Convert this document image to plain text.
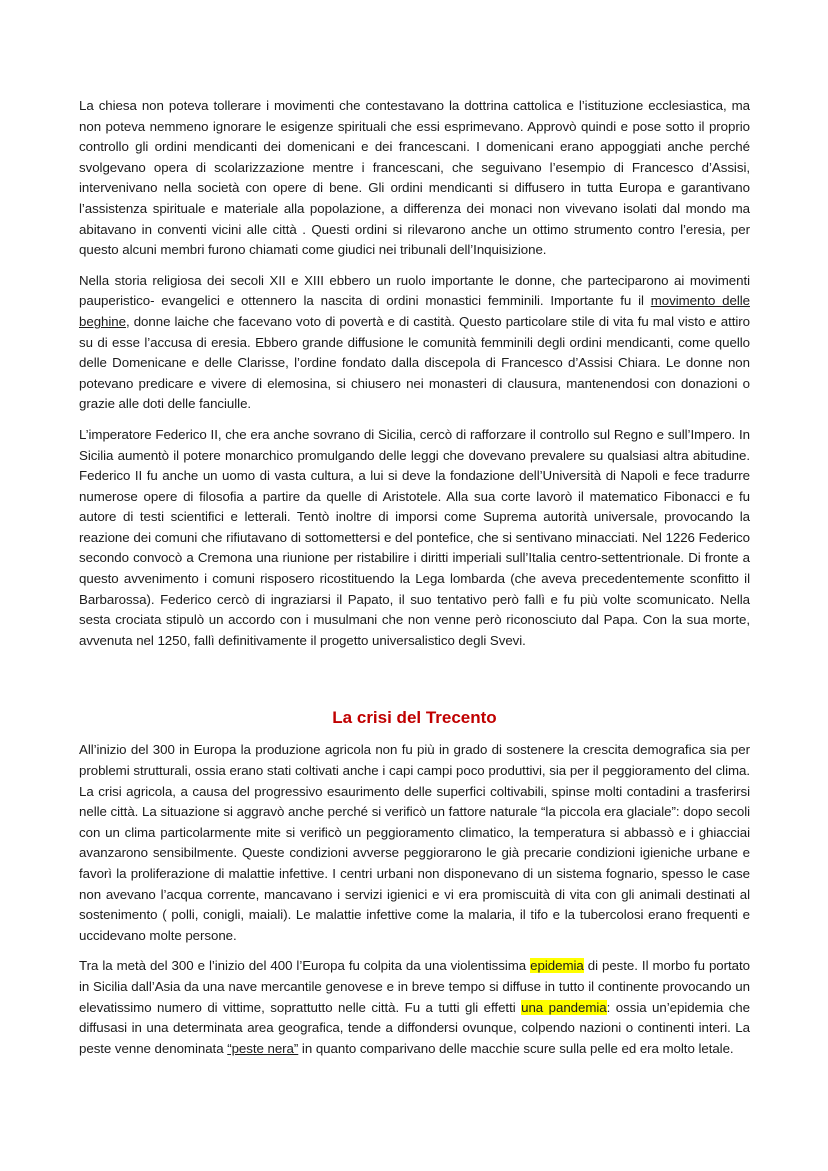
La chiesa non poteva tollerare i movimenti che contestavano la dottrina cattolica e l’istituzione ecclesiastica, ma non poteva nemmeno ignorare le esigenze spirituali che essi esprimevano. Approvò quindi e pose sotto il proprio controllo gli ordini mendicanti dei domenicani e dei francescani. I domenicani erano appoggiati anche perché svolgevano opera di scolarizzazione mentre i francescani, che seguivano l’esempio di Francesco d’Assisi, intervenivano nella società con opere di bene. Gli ordini mendicanti si diffusero in tutta Europa e garantivano l’assistenza spirituale e materiale alla popolazione, a differenza dei monaci non vivevano isolati dal mondo ma abitavano in conventi vicini alle città . Questi ordini si rilevarono anche un ottimo strumento contro l’eresia, per questo alcuni membri furono chiamati come giudici nei tribunali dell’Inquisizione.

Nella storia religiosa dei secoli XII e XIII ebbero un ruolo importante le donne, che parteciparono ai movimenti pauperistico- evangelici e ottennero la nascita di ordini monastici femminili. Importante fu il movimento delle beghine, donne laiche che facevano voto di povertà e di castità. Questo particolare stile di vita fu mal visto e attiro su di esse l’accusa di eresia. Ebbero grande diffusione le comunità femminili degli ordini mendicanti, come quello delle Domenicane e delle Clarisse, l’ordine fondato dalla discepola di Francesco d’Assisi Chiara. Le donne non potevano predicare e vivere di elemosina, si chiusero nei monasteri di clausura, mantenendosi con donazioni o grazie alle doti delle fanciulle.

L’imperatore Federico II, che era anche sovrano di Sicilia, cercò di rafforzare il controllo sul Regno e sull’Impero. In Sicilia aumentò il potere monarchico promulgando delle leggi che dovevano prevalere su qualsiasi altra abitudine. Federico II fu anche un uomo di vasta cultura, a lui si deve la fondazione dell’Università di Napoli e fece tradurre numerose opere di filosofia a partire da quelle di Aristotele. Alla sua corte lavorò il matematico Fibonacci e fu autore di testi scientifici e letterali. Tentò inoltre di imporsi come Suprema autorità universale, provocando la reazione dei comuni che rifiutavano di sottomettersi e del pontefice, che si sentivano minacciati. Nel 1226 Federico secondo convocò a Cremona una riunione per ristabilire i diritti imperiali sull’Italia centro-settentrionale. Di fronte a questo avvenimento i comuni risposero ricostituendo la Lega lombarda (che aveva precedentemente sconfitto il Barbarossa). Federico cercò di ingraziarsi il Papato, il suo tentativo però fallì e fu più volte scomunicato. Nella sesta crociata stipulò un accordo con i musulmani che non venne però riconosciuto dal Papa. Con la sua morte, avvenuta nel 1250, fallì definitivamente il progetto universalistico degli Svevi.

La crisi del Trecento

All’inizio del 300 in Europa la produzione agricola non fu più in grado di sostenere la crescita demografica sia per problemi strutturali, ossia erano stati coltivati anche i capi campi poco produttivi, sia per il peggioramento del clima. La crisi agricola, a causa del progressivo esaurimento delle superfici coltivabili, spinse molti contadini a trasferirsi nelle città. La situazione si aggravò anche perché si verificò un fattore naturale “la piccola era glaciale”: dopo secoli con un clima particolarmente mite si verificò un peggioramento climatico, la temperatura si abbassò e i ghiacciai avanzarono sensibilmente. Queste condizioni avverse peggiorarono le già precarie condizioni igieniche urbane e favorì la proliferazione di malattie infettive. I centri urbani non disponevano di un sistema fognario, spesso le case non avevano l’acqua corrente, mancavano i servizi igienici e vi era promiscuità di vita con gli animali destinati al sostenimento ( polli, conigli, maiali). Le malattie infettive come la malaria, il tifo e la tubercolosi erano frequenti e uccidevano molte persone.

Tra la metà del 300 e l’inizio del 400 l’Europa fu colpita da una violentissima epidemia di peste. Il morbo fu portato in Sicilia dall’Asia da una nave mercantile genovese e in breve tempo si diffuse in tutto il continente provocando un elevatissimo numero di vittime, soprattutto nelle città. Fu a tutti gli effetti una pandemia: ossia un’epidemia che diffusasi in una determinata area geografica, tende a diffondersi ovunque, colpendo nazioni o continenti interi. La peste venne denominata “peste nera” in quanto comparivano delle macchie scure sulla pelle ed era molto letale.
